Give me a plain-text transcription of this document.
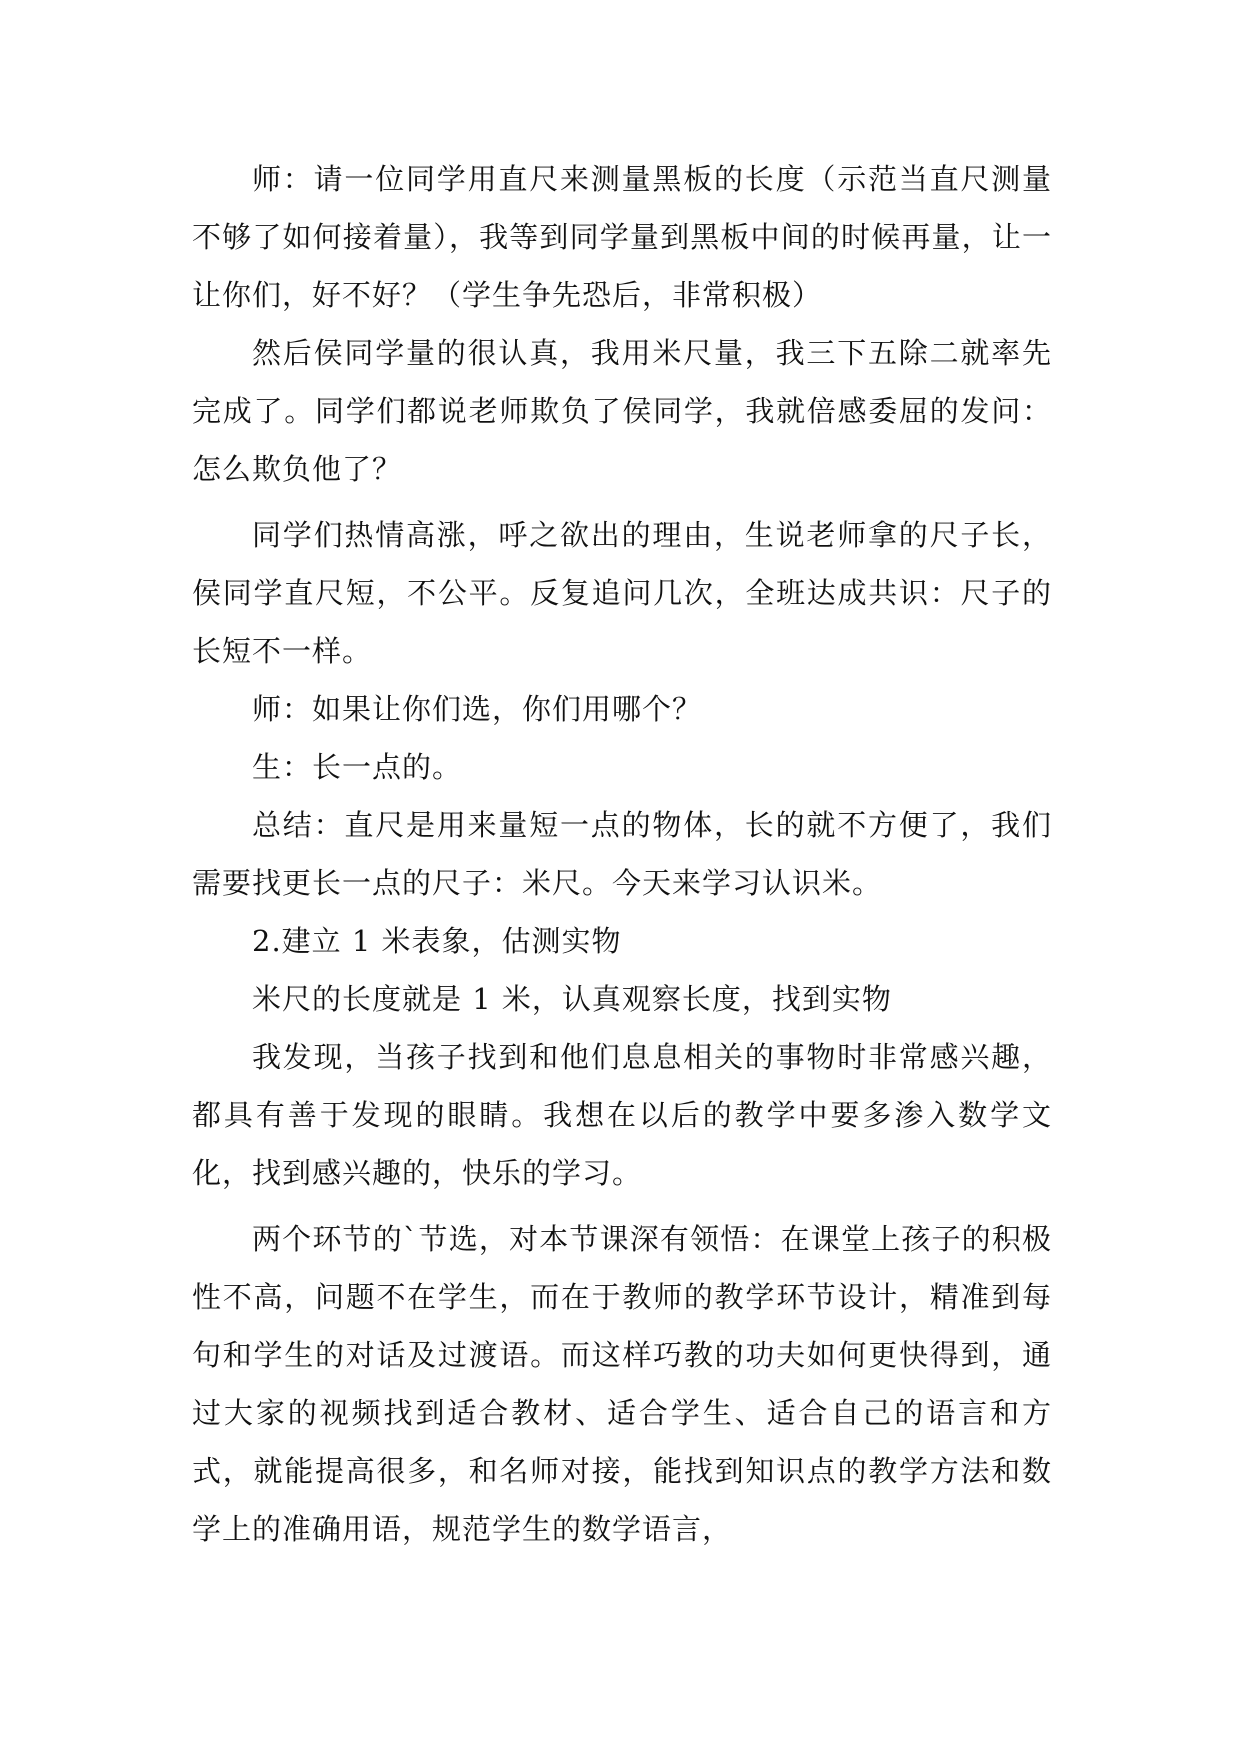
师：请一位同学用直尺来测量黑板的长度（示范当直尺测量不够了如何接着量），我等到同学量到黑板中间的时候再量，让一让你们，好不好？（学生争先恐后，非常积极）

然后侯同学量的很认真，我用米尺量，我三下五除二就率先完成了。同学们都说老师欺负了侯同学，我就倍感委屈的发问：怎么欺负他了？

同学们热情高涨，呼之欲出的理由，生说老师拿的尺子长，侯同学直尺短，不公平。反复追问几次，全班达成共识：尺子的长短不一样。

师：如果让你们选，你们用哪个？

生：长一点的。

总结：直尺是用来量短一点的物体，长的就不方便了，我们需要找更长一点的尺子：米尺。今天来学习认识米。

2.建立 1 米表象，估测实物

米尺的长度就是 1 米，认真观察长度，找到实物

我发现，当孩子找到和他们息息相关的事物时非常感兴趣，都具有善于发现的眼睛。我想在以后的教学中要多渗入数学文化，找到感兴趣的，快乐的学习。

两个环节的`节选，对本节课深有领悟：在课堂上孩子的积极性不高，问题不在学生，而在于教师的教学环节设计，精准到每句和学生的对话及过渡语。而这样巧教的功夫如何更快得到，通过大家的视频找到适合教材、适合学生、适合自己的语言和方式，就能提高很多，和名师对接，能找到知识点的教学方法和数学上的准确用语，规范学生的数学语言，
